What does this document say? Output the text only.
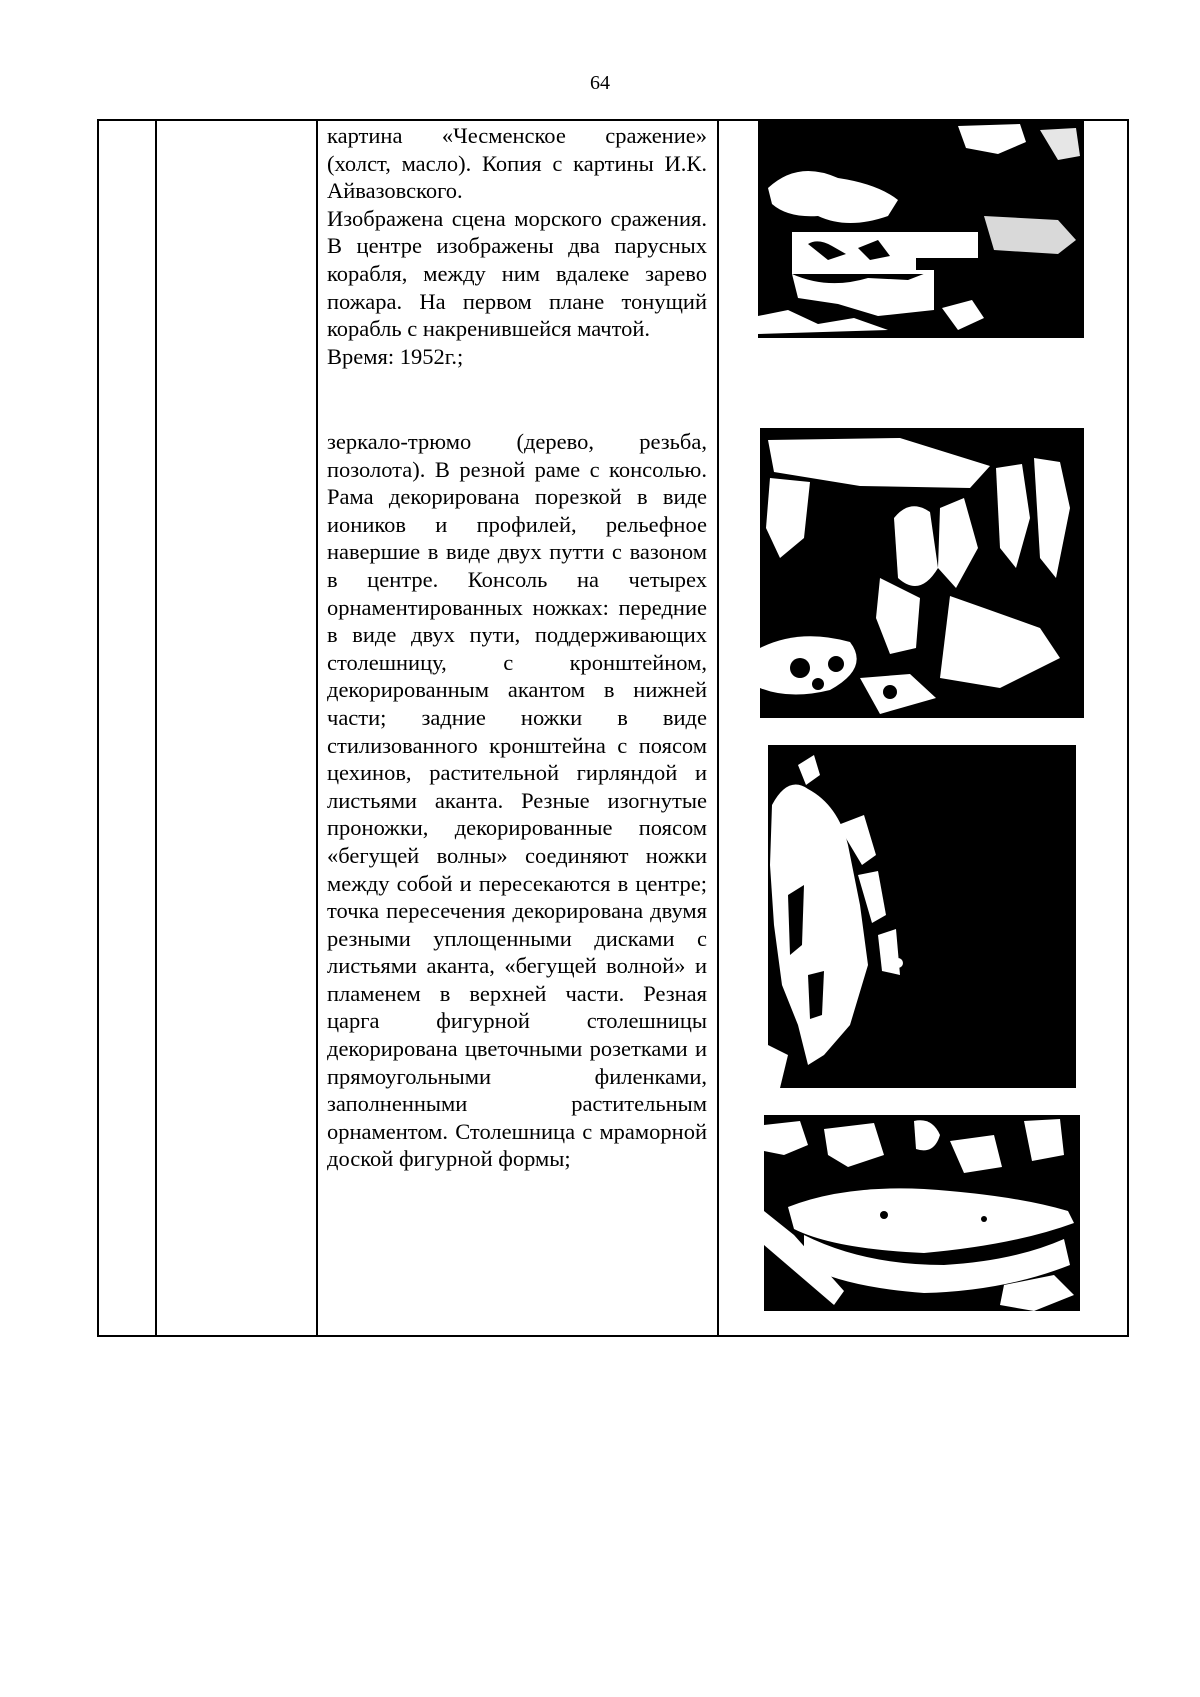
64

картина «Чесменское сражение» (холст, масло). Копия с картины И.К. Айвазовского.

Изображена сцена морского сражения. В центре изображены два парусных корабля, между ним вдалеке зарево пожара. На первом плане тонущий корабль с накренившейся мачтой.

Время: 1952г.;

зеркало-трюмо (дерево, резьба, позолота). В резной раме с консолью. Рама декорирована порезкой в виде иоников и профилей, рельефное навершие в виде двух путти с вазоном в центре. Консоль на четырех орнаментированных ножках: передние в виде двух пути, поддерживающих столешницу, с кронштейном, декорированным акантом в нижней части; задние ножки в виде стилизованного кронштейна с поясом цехинов, растительной гирляндой и листьями аканта. Резные изогнутые проножки, декорированные поясом «бегущей волны» соединяют ножки между собой и пересекаются в центре; точка пересечения декорирована двумя резными уплощенными дисками с листьями аканта, «бегущей волной» и пламенем в верхней части. Резная царга фигурной столешницы декорирована цветочными розетками и прямоугольными филенками, заполненными растительным орнаментом. Столешница с мраморной доской фигурной формы;
